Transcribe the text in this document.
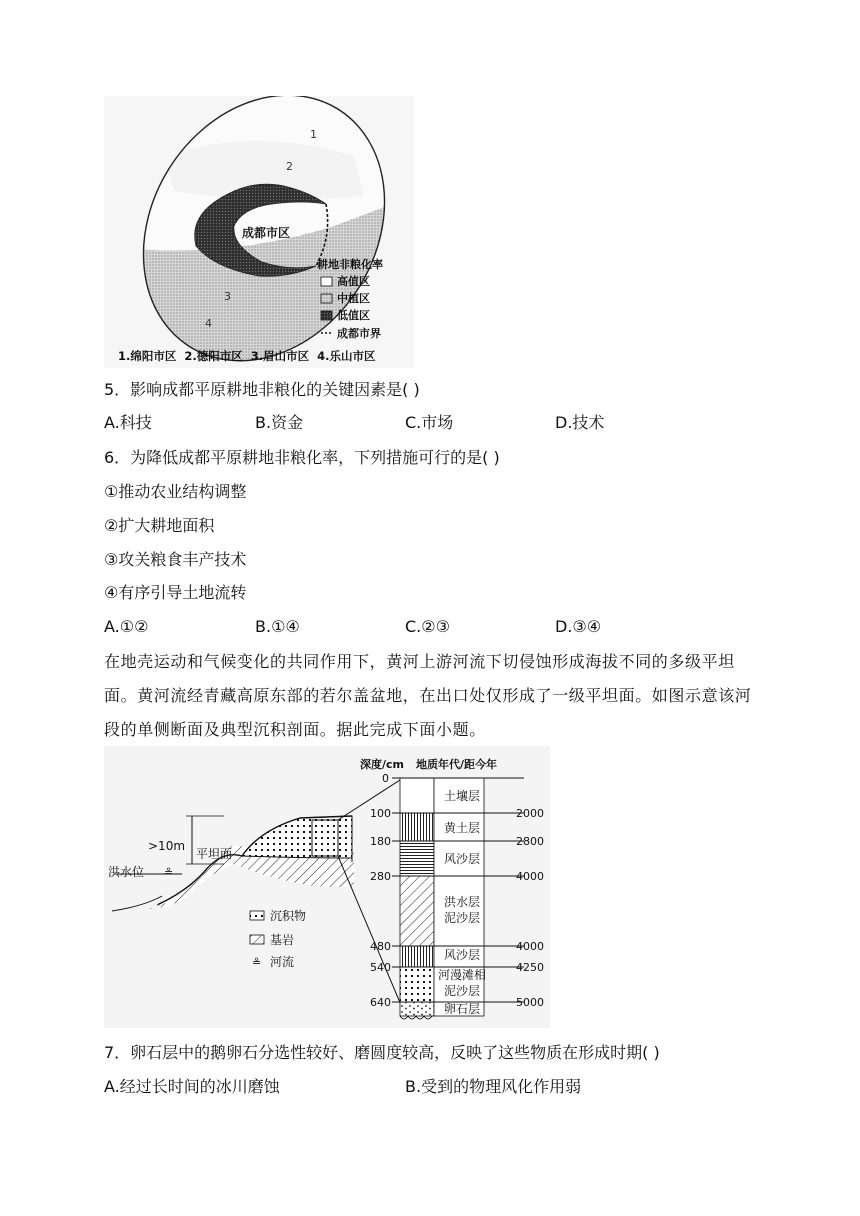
1
2
成都市区
3
4
耕地非粮化率
高值区
中植区
低值区
成都市界
1.绵阳市区  2.德阳市区  3.眉山市区  4.乐山市区
5．影响成都平原耕地非粮化的关键因素是( )
A.科技	B.资金	C.市场	D.技术
6．为降低成都平原耕地非粮化率，下列措施可行的是( )
①推动农业结构调整
②扩大耕地面积
③攻关粮食丰产技术
④有序引导土地流转
A.①②	B.①④	C.②③	D.③④
在地壳运动和气候变化的共同作用下，黄河上游河流下切侵蚀形成海拔不同的多级平坦面。黄河流经青藏高原东部的若尔盖盆地，在出口处仅形成了一级平坦面。如图示意该河段的单侧断面及典型沉积剖面。据此完成下面小题。
>10m
平坦面
洪水位 ≗
沉积物
基岩
≗ 河流
深度/cm 地质年代/距今年
0
100
180
280
480
540
640
2000
2800
4000
4000
4250
5000
土壤层
黄土层
风沙层
洪水层
泥沙层
风沙层
河漫滩相
泥沙层
卵石层
7．卵石层中的鹅卵石分选性较好、磨圆度较高，反映了这些物质在形成时期( )
A.经过长时间的冰川磨蚀	B.受到的物理风化作用弱
